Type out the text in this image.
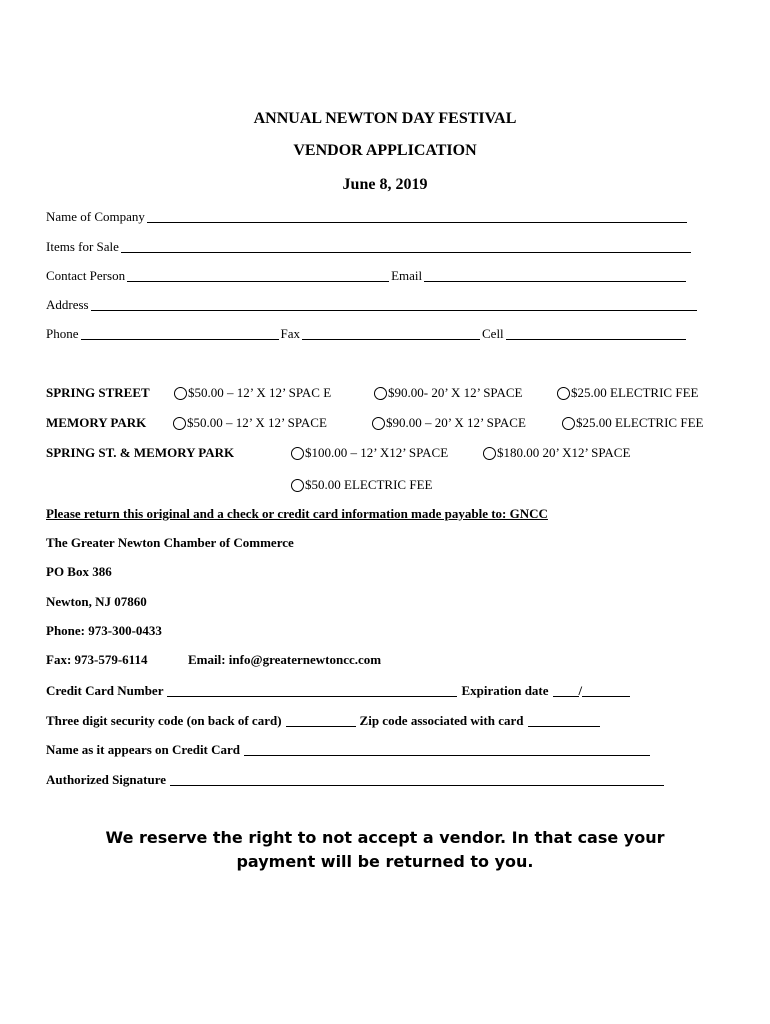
ANNUAL NEWTON DAY FESTIVAL
VENDOR APPLICATION
June 8, 2019
Name of Company
Items for Sale
Contact Person	Email
Address
Phone	Fax	Cell
SPRING STREET	$50.00 – 12’ X 12’ SPAC E	$90.00- 20’ X 12’ SPACE	$25.00 ELECTRIC FEE
MEMORY PARK	$50.00 – 12’ X 12’ SPACE	$90.00 – 20’ X 12’ SPACE	$25.00 ELECTRIC FEE
SPRING ST. & MEMORY PARK	$100.00 – 12’ X12’ SPACE	$180.00 20’ X12’ SPACE
$50.00 ELECTRIC FEE
Please return this original and a check or credit card information made payable to: GNCC
The Greater Newton Chamber of Commerce
PO Box 386
Newton, NJ 07860
Phone: 973-300-0433
Fax: 973-579-6114	Email: info@greaternewtoncc.com
Credit Card Number	Expiration date /
Three digit security code (on back of card)	Zip code associated with card
Name as it appears on Credit Card
Authorized Signature
We reserve the right to not accept a vendor. In that case your payment will be returned to you.
